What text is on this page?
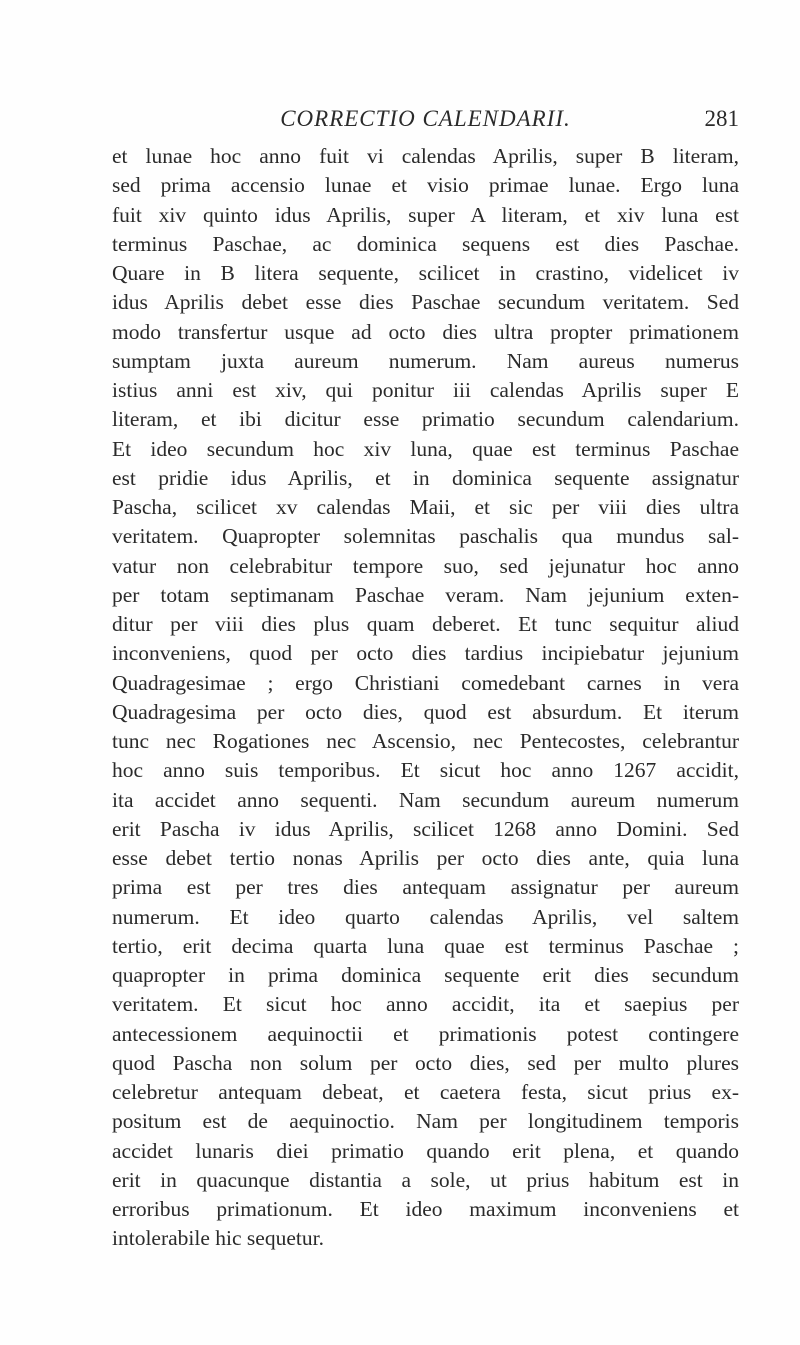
CORRECTIO CALENDARII.	281
et lunae hoc anno fuit vi calendas Aprilis, super B literam,
sed prima accensio lunae et visio primae lunae. Ergo luna
fuit xiv quinto idus Aprilis, super A literam, et xiv luna est
terminus Paschae, ac dominica sequens est dies Paschae.
Quare in B litera sequente, scilicet in crastino, videlicet iv
idus Aprilis debet esse dies Paschae secundum veritatem. Sed
modo transfertur usque ad octo dies ultra propter primationem
sumptam juxta aureum numerum. Nam aureus numerus
istius anni est xiv, qui ponitur iii calendas Aprilis super E
literam, et ibi dicitur esse primatio secundum calendarium.
Et ideo secundum hoc xiv luna, quae est terminus Paschae
est pridie idus Aprilis, et in dominica sequente assignatur
Pascha, scilicet xv calendas Maii, et sic per viii dies ultra
veritatem. Quapropter solemnitas paschalis qua mundus sal-
vatur non celebrabitur tempore suo, sed jejunatur hoc anno
per totam septimanam Paschae veram. Nam jejunium exten-
ditur per viii dies plus quam deberet. Et tunc sequitur aliud
inconveniens, quod per octo dies tardius incipiebatur jejunium
Quadragesimae ; ergo Christiani comedebant carnes in vera
Quadragesima per octo dies, quod est absurdum. Et iterum
tunc nec Rogationes nec Ascensio, nec Pentecostes, celebrantur
hoc anno suis temporibus. Et sicut hoc anno 1267 accidit,
ita accidet anno sequenti. Nam secundum aureum numerum
erit Pascha iv idus Aprilis, scilicet 1268 anno Domini. Sed
esse debet tertio nonas Aprilis per octo dies ante, quia luna
prima est per tres dies antequam assignatur per aureum
numerum. Et ideo quarto calendas Aprilis, vel saltem
tertio, erit decima quarta luna quae est terminus Paschae ;
quapropter in prima dominica sequente erit dies secundum
veritatem. Et sicut hoc anno accidit, ita et saepius per
antecessionem aequinoctii et primationis potest contingere
quod Pascha non solum per octo dies, sed per multo plures
celebretur antequam debeat, et caetera festa, sicut prius ex-
positum est de aequinoctio. Nam per longitudinem temporis
accidet lunaris diei primatio quando erit plena, et quando
erit in quacunque distantia a sole, ut prius habitum est in
erroribus primationum. Et ideo maximum inconveniens et
intolerabile hic sequetur.
